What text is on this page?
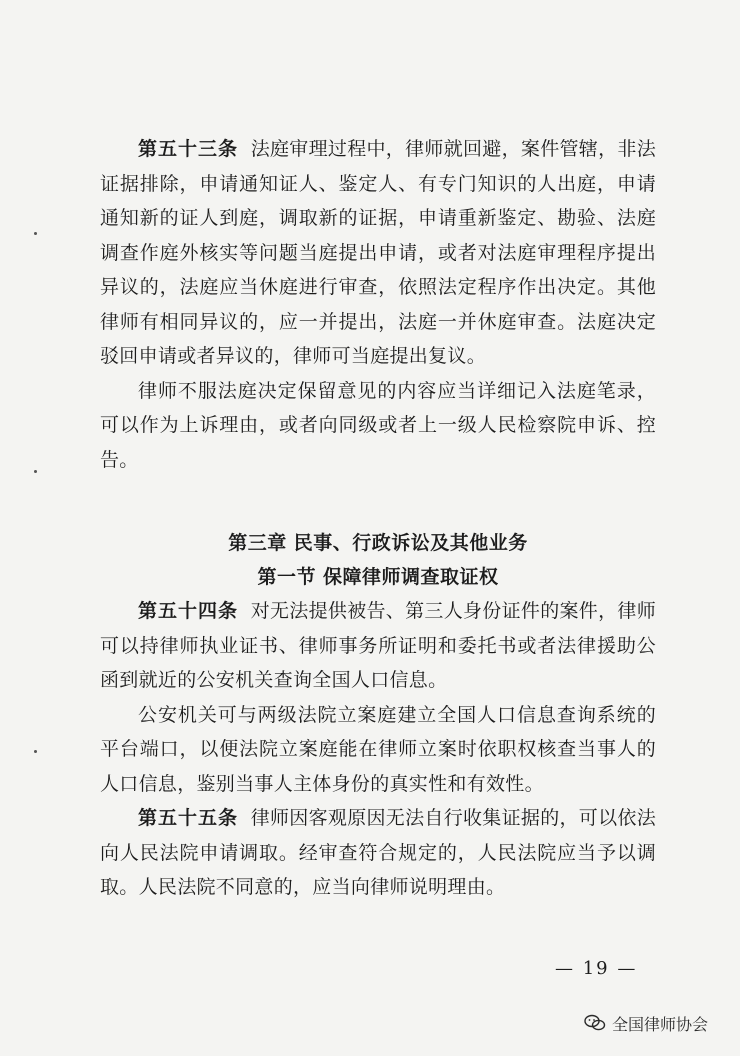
第五十三条 法庭审理过程中，律师就回避，案件管辖，非法证据排除，申请通知证人、鉴定人、有专门知识的人出庭，申请通知新的证人到庭，调取新的证据，申请重新鉴定、勘验、法庭调查作庭外核实等问题当庭提出申请，或者对法庭审理程序提出异议的，法庭应当休庭进行审查，依照法定程序作出决定。其他律师有相同异议的，应一并提出，法庭一并休庭审查。法庭决定驳回申请或者异议的，律师可当庭提出复议。

律师不服法庭决定保留意见的内容应当详细记入法庭笔录，可以作为上诉理由，或者向同级或者上一级人民检察院申诉、控告。

第三章 民事、行政诉讼及其他业务
第一节 保障律师调查取证权

第五十四条 对无法提供被告、第三人身份证件的案件，律师可以持律师执业证书、律师事务所证明和委托书或者法律援助公函到就近的公安机关查询全国人口信息。

公安机关可与两级法院立案庭建立全国人口信息查询系统的平台端口，以便法院立案庭能在律师立案时依职权核查当事人的人口信息，鉴别当事人主体身份的真实性和有效性。

第五十五条 律师因客观原因无法自行收集证据的，可以依法向人民法院申请调取。经审查符合规定的，人民法院应当予以调取。人民法院不同意的，应当向律师说明理由。

— 19 —
全国律师协会
